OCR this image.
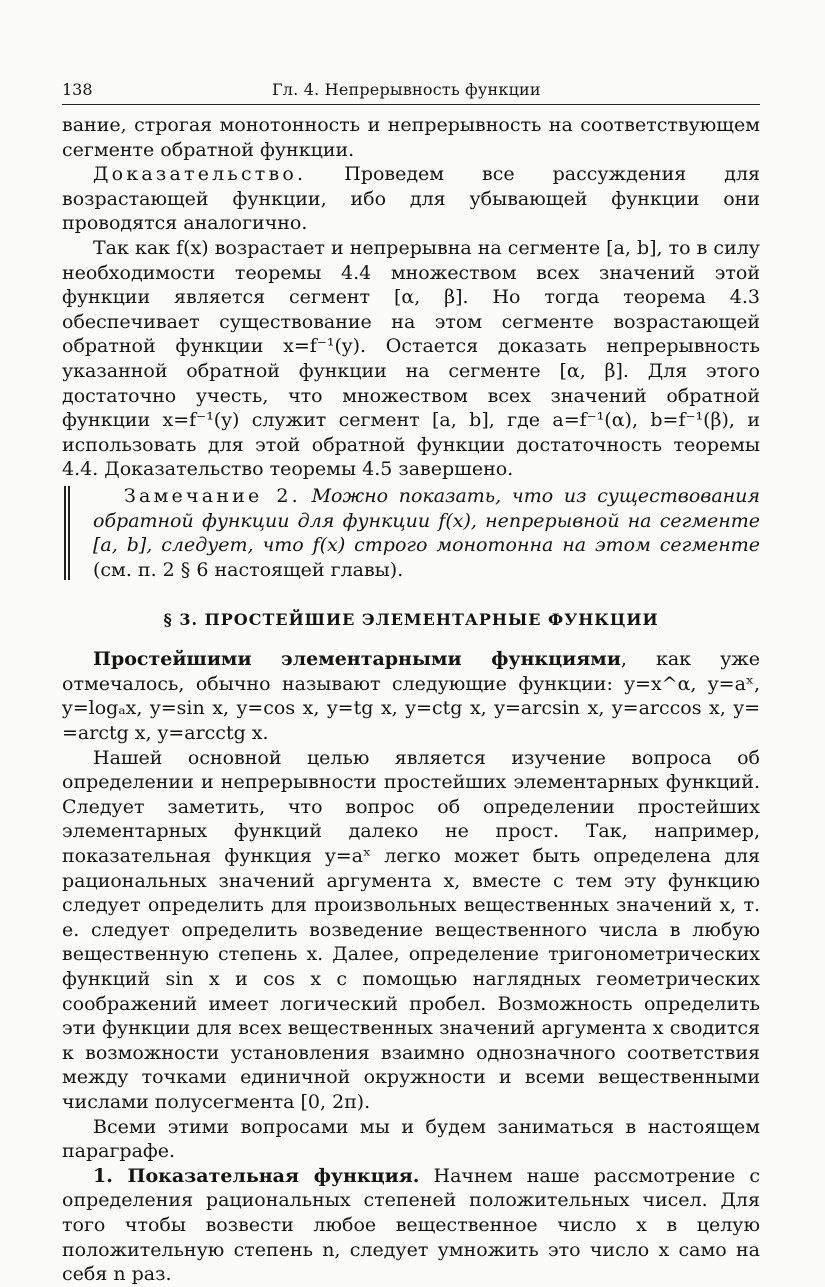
138	Гл. 4. Непрерывность функции

вание, строгая монотонность и непрерывность на соответствующем сегменте обратной функции.

Доказательство. Проведем все рассуждения для возрастающей функции, ибо для убывающей функции они проводятся аналогично.

Так как f(x) возрастает и непрерывна на сегменте [a, b], то в силу необходимости теоремы 4.4 множеством всех значений этой функции является сегмент [α, β]. Но тогда теорема 4.3 обеспечивает существование на этом сегменте возрастающей обратной функции x=f⁻¹(y). Остается доказать непрерывность указанной обратной функции на сегменте [α, β]. Для этого достаточно учесть, что множеством всех значений обратной функции x=f⁻¹(y) служит сегмент [a, b], где a=f⁻¹(α), b=f⁻¹(β), и использовать для этой обратной функции достаточность теоремы 4.4. Доказательство теоремы 4.5 завершено.

Замечание 2. Можно показать, что из существования обратной функции для функции f(x), непрерывной на сегменте [a, b], следует, что f(x) строго монотонна на этом сегменте (см. п. 2 § 6 настоящей главы).

§ 3. ПРОСТЕЙШИЕ ЭЛЕМЕНТАРНЫЕ ФУНКЦИИ

Простейшими элементарными функциями, как уже отмечалось, обычно называют следующие функции: y=x^α, y=aˣ, y=logₐx, y=sin x, y=cos x, y=tg x, y=ctg x, y=arcsin x, y=arccos x, y= =arctg x, y=arcctg x.

Нашей основной целью является изучение вопроса об определении и непрерывности простейших элементарных функций. Следует заметить, что вопрос об определении простейших элементарных функций далеко не прост. Так, например, показательная функция y=aˣ легко может быть определена для рациональных значений аргумента x, вместе с тем эту функцию следует определить для произвольных вещественных значений x, т. е. следует определить возведение вещественного числа в любую вещественную степень x. Далее, определение тригонометрических функций sin x и cos x с помощью наглядных геометрических соображений имеет логический пробел. Возможность определить эти функции для всех вещественных значений аргумента x сводится к возможности установления взаимно однозначного соответствия между точками единичной окружности и всеми вещественными числами полусегмента [0, 2π).

Всеми этими вопросами мы и будем заниматься в настоящем параграфе.

1. Показательная функция. Начнем наше рассмотрение с определения рациональных степеней положительных чисел. Для того чтобы возвести любое вещественное число x в целую положительную степень n, следует умножить это число x само на себя n раз.
